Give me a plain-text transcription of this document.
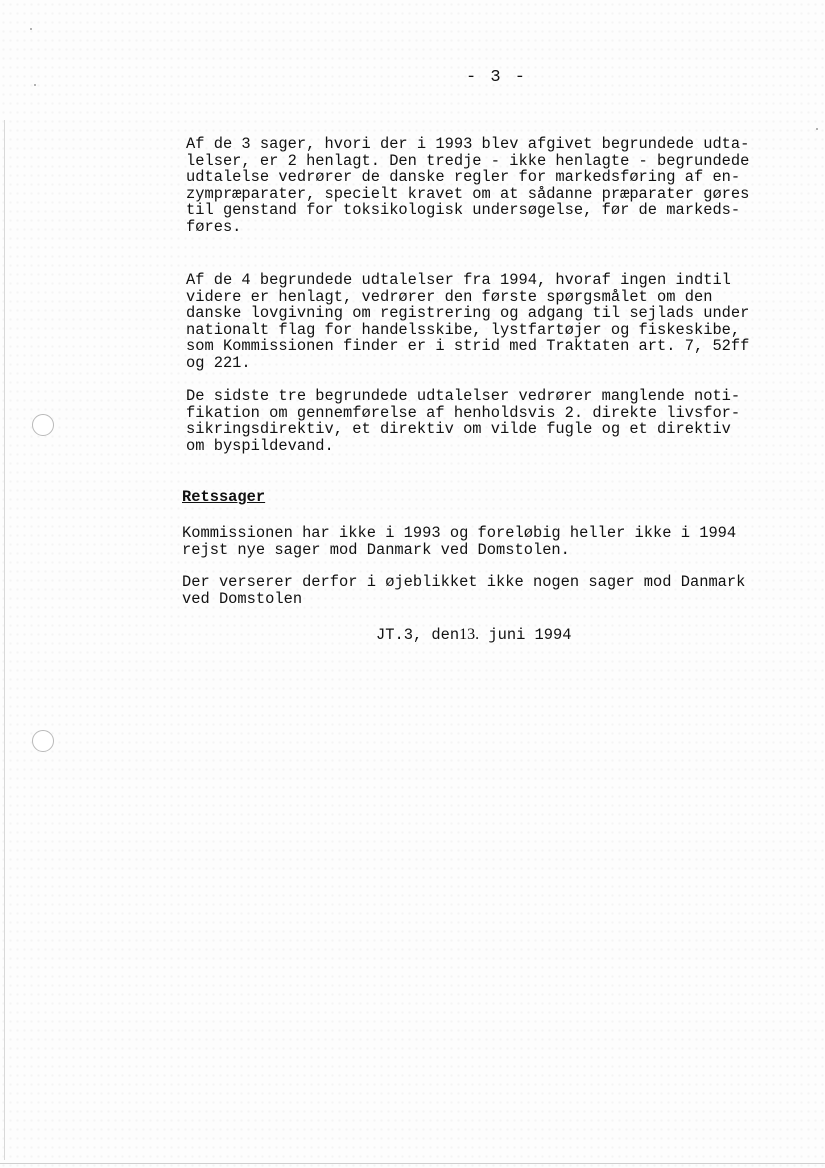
- 3 -
Af de 3 sager, hvori der i 1993 blev afgivet begrundede udta-
lelser, er 2 henlagt. Den tredje - ikke henlagte - begrundede
udtalelse vedrører de danske regler for markedsføring af en-
zympræparater, specielt kravet om at sådanne præparater gøres
til genstand for toksikologisk undersøgelse, før de markeds-
føres.
Af de 4 begrundede udtalelser fra 1994, hvoraf ingen indtil
videre er henlagt, vedrører den første spørgsmålet om den
danske lovgivning om registrering og adgang til sejlads under
nationalt flag for handelsskibe, lystfartøjer og fiskeskibe,
som Kommissionen finder er i strid med Traktaten art. 7, 52ff
og 221.
De sidste tre begrundede udtalelser vedrører manglende noti-
fikation om gennemførelse af henholdsvis 2. direkte livsfor-
sikringsdirektiv, et direktiv om vilde fugle og et direktiv
om byspildevand.
Retssager
Kommissionen har ikke i 1993 og foreløbig heller ikke i 1994
rejst nye sager mod Danmark ved Domstolen.
Der verserer derfor i øjeblikket ikke nogen sager mod Danmark
ved Domstolen
JT.3, den13. juni 1994
